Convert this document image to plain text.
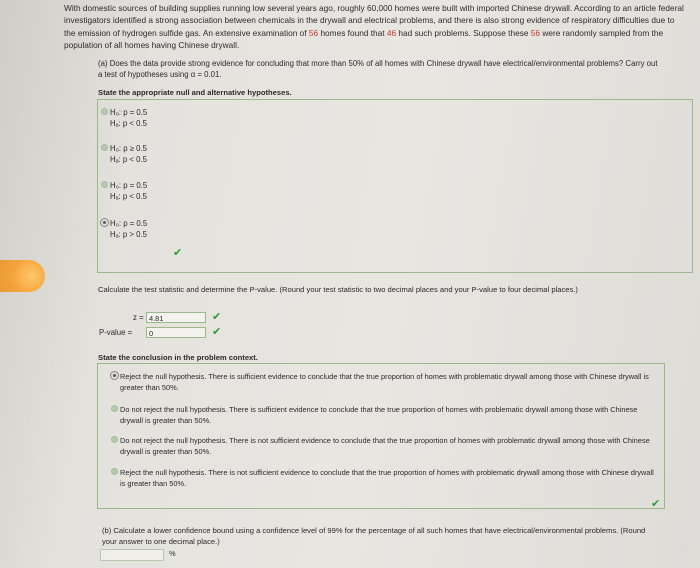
With domestic sources of building supplies running low several years ago, roughly 60,000 homes were built with imported Chinese drywall. According to an article federal investigators identified a strong association between chemicals in the drywall and electrical problems, and there is also strong evidence of respiratory difficulties due to the emission of hydrogen sulfide gas. An extensive examination of 56 homes found that 46 had such problems. Suppose these 56 were randomly sampled from the population of all homes having Chinese drywall.
(a) Does the data provide strong evidence for concluding that more than 50% of all homes with Chinese drywall have electrical/environmental problems? Carry out a test of hypotheses using α = 0.01.
State the appropriate null and alternative hypotheses.
H₀: p = 0.5
Hₐ: p < 0.5
H₀: p ≥ 0.5
Hₐ: p < 0.5
H₀: p = 0.5
Hₐ: p < 0.5
H₀: p = 0.5
Hₐ: p > 0.5
✔
Calculate the test statistic and determine the P-value. (Round your test statistic to two decimal places and your P-value to four decimal places.)
z = 4.81	✔
P-value =	0	✔
State the conclusion in the problem context.
Reject the null hypothesis. There is sufficient evidence to conclude that the true proportion of homes with problematic drywall among those with Chinese drywall is greater than 50%.
Do not reject the null hypothesis. There is sufficient evidence to conclude that the true proportion of homes with problematic drywall among those with Chinese drywall is greater than 50%.
Do not reject the null hypothesis. There is not sufficient evidence to conclude that the true proportion of homes with problematic drywall among those with Chinese drywall is greater than 50%.
Reject the null hypothesis. There is not sufficient evidence to conclude that the true proportion of homes with problematic drywall among those with Chinese drywall is greater than 50%.
✔
(b) Calculate a lower confidence bound using a confidence level of 99% for the percentage of all such homes that have electrical/environmental problems. (Round your answer to one decimal place.)
%
